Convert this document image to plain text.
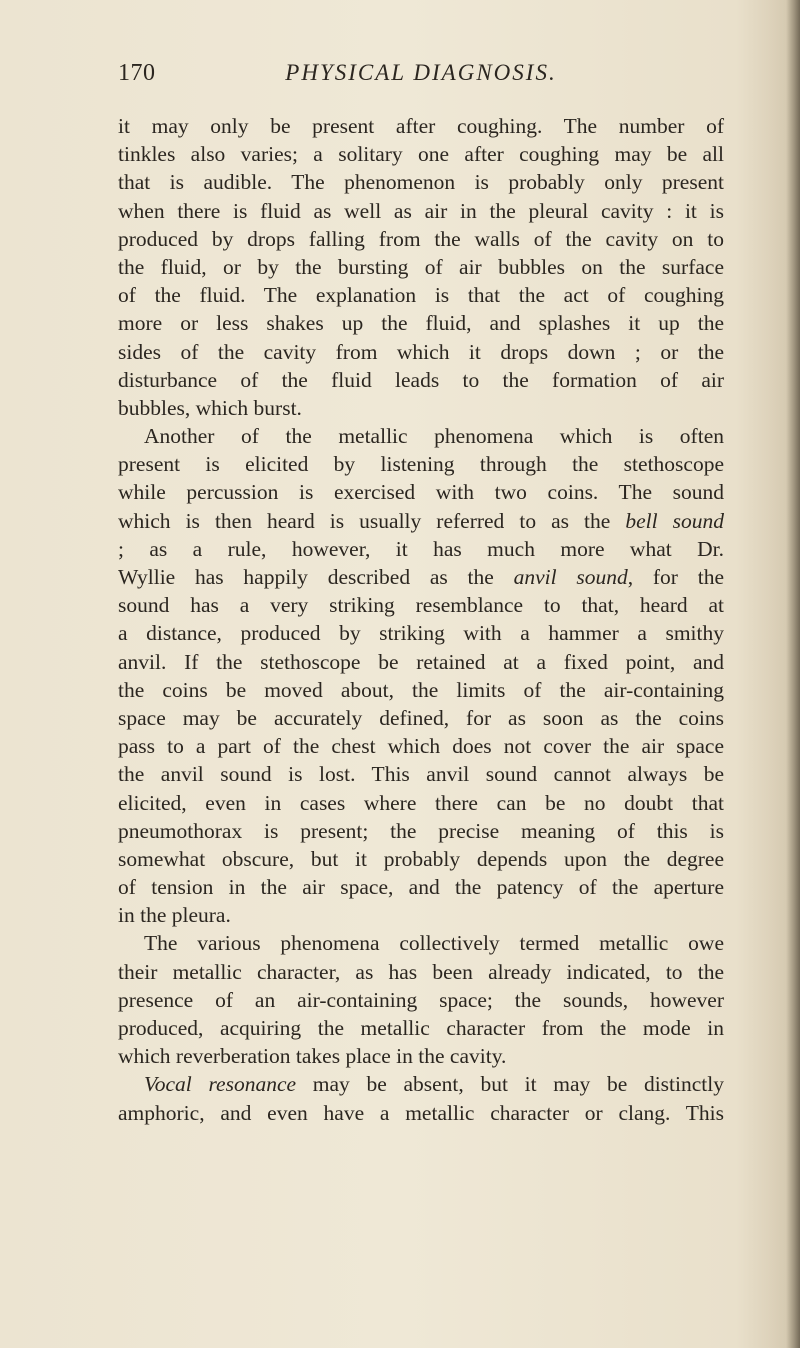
170	PHYSICAL DIAGNOSIS.
it may only be present after coughing. The number of
tinkles also varies; a solitary one after coughing may be all
that is audible. The phenomenon is probably only present
when there is fluid as well as air in the pleural cavity : it is
produced by drops falling from the walls of the cavity on to
the fluid, or by the bursting of air bubbles on the surface
of the fluid. The explanation is that the act of coughing
more or less shakes up the fluid, and splashes it up the
sides of the cavity from which it drops down ; or the
disturbance of the fluid leads to the formation of air
bubbles, which burst.
Another of the metallic phenomena which is often
present is elicited by listening through the stethoscope
while percussion is exercised with two coins. The sound
which is then heard is usually referred to as the bell sound
; as a rule, however, it has much more what Dr.
Wyllie has happily described as the anvil sound, for the
sound has a very striking resemblance to that, heard at
a distance, produced by striking with a hammer a smithy
anvil. If the stethoscope be retained at a fixed point, and
the coins be moved about, the limits of the air-containing
space may be accurately defined, for as soon as the coins
pass to a part of the chest which does not cover the air space
the anvil sound is lost. This anvil sound cannot always be
elicited, even in cases where there can be no doubt that
pneumothorax is present; the precise meaning of this is
somewhat obscure, but it probably depends upon the degree
of tension in the air space, and the patency of the aperture
in the pleura.
The various phenomena collectively termed metallic owe
their metallic character, as has been already indicated, to the
presence of an air-containing space; the sounds, however
produced, acquiring the metallic character from the mode in
which reverberation takes place in the cavity.
Vocal resonance may be absent, but it may be distinctly
amphoric, and even have a metallic character or clang. This
